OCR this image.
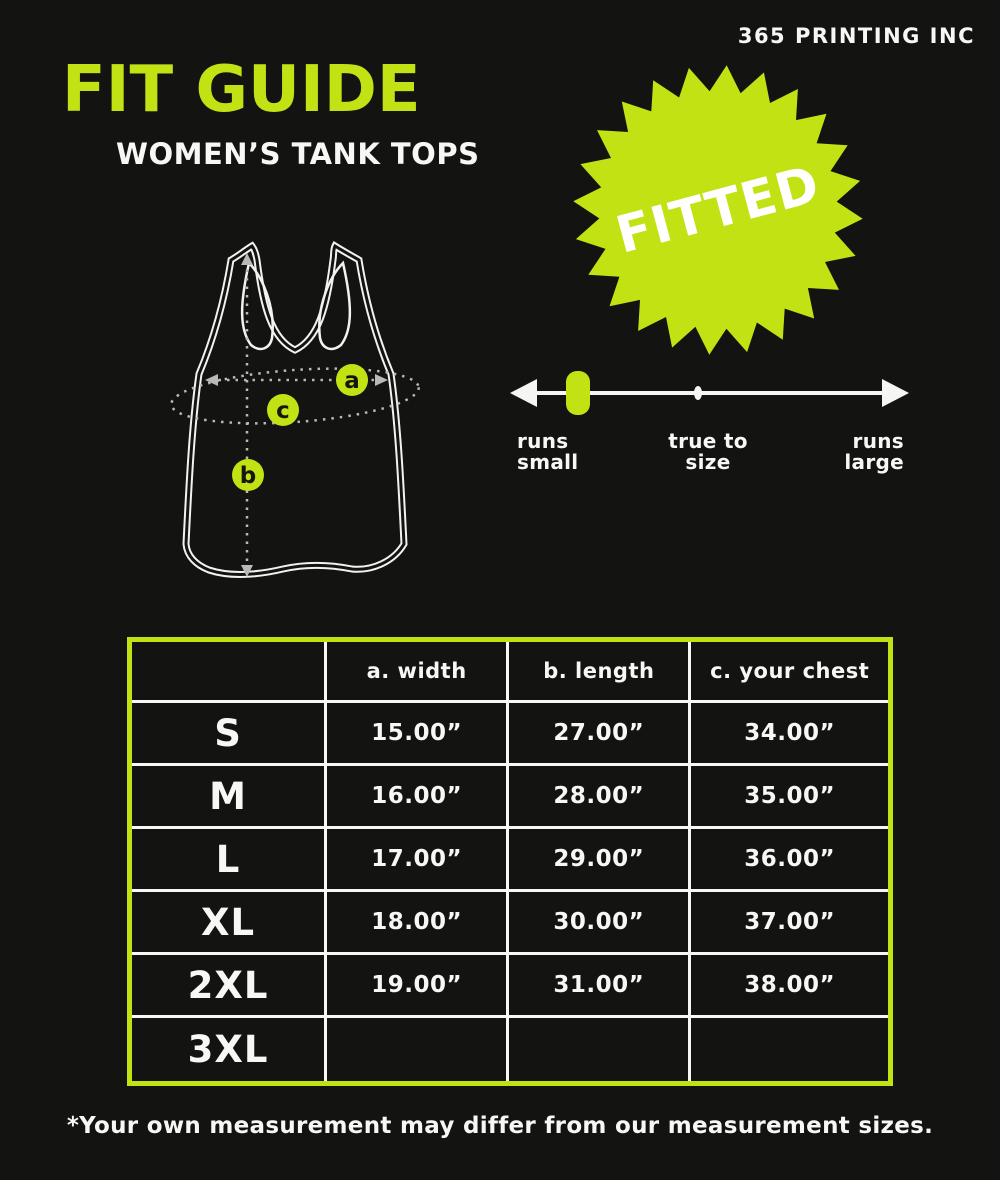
365 PRINTING INC
FIT GUIDE
WOMEN’S TANK TOPS
FITTED
a
c
b
runs
small
true to
size
runs
large
	a. width	b. length	c. your chest
S	15.00”	27.00”	34.00”
M	16.00”	28.00”	35.00”
L	17.00”	29.00”	36.00”
XL	18.00”	30.00”	37.00”
2XL	19.00”	31.00”	38.00”
3XL			
*Your own measurement may differ from our measurement sizes.
